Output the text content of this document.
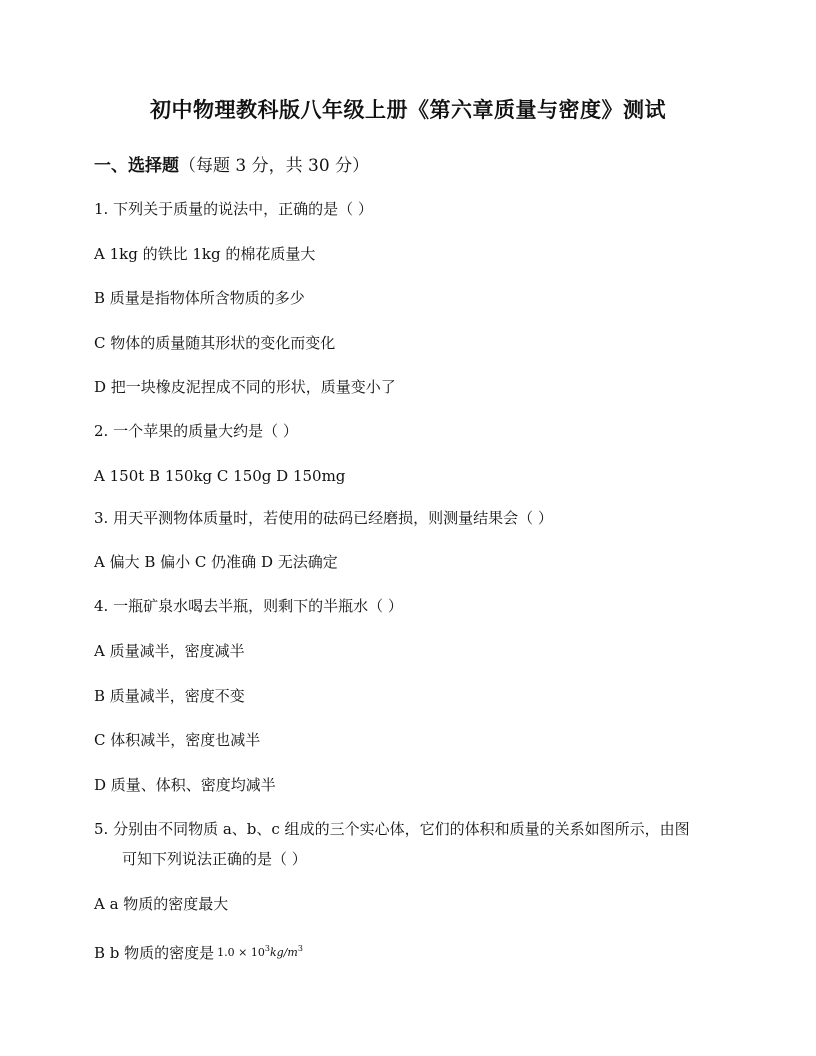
初中物理教科版八年级上册《第六章质量与密度》测试
一、选择题（每题 3 分，共 30 分）
1. 下列关于质量的说法中，正确的是（ ）
A 1kg 的铁比 1kg 的棉花质量大
B 质量是指物体所含物质的多少
C 物体的质量随其形状的变化而变化
D 把一块橡皮泥捏成不同的形状，质量变小了
2. 一个苹果的质量大约是（ ）
A 150t B 150kg C 150g D 150mg
3. 用天平测物体质量时，若使用的砝码已经磨损，则测量结果会（ ）
A 偏大 B 偏小 C 仍准确 D 无法确定
4. 一瓶矿泉水喝去半瓶，则剩下的半瓶水（ ）
A 质量减半，密度减半
B 质量减半，密度不变
C 体积减半，密度也减半
D 质量、体积、密度均减半
5. 分别由不同物质 a、b、c 组成的三个实心体，它们的体积和质量的关系如图所示，由图
可知下列说法正确的是（ ）
A a 物质的密度最大
B b 物质的密度是 $1.0 \times 10^3kg/m^3$
